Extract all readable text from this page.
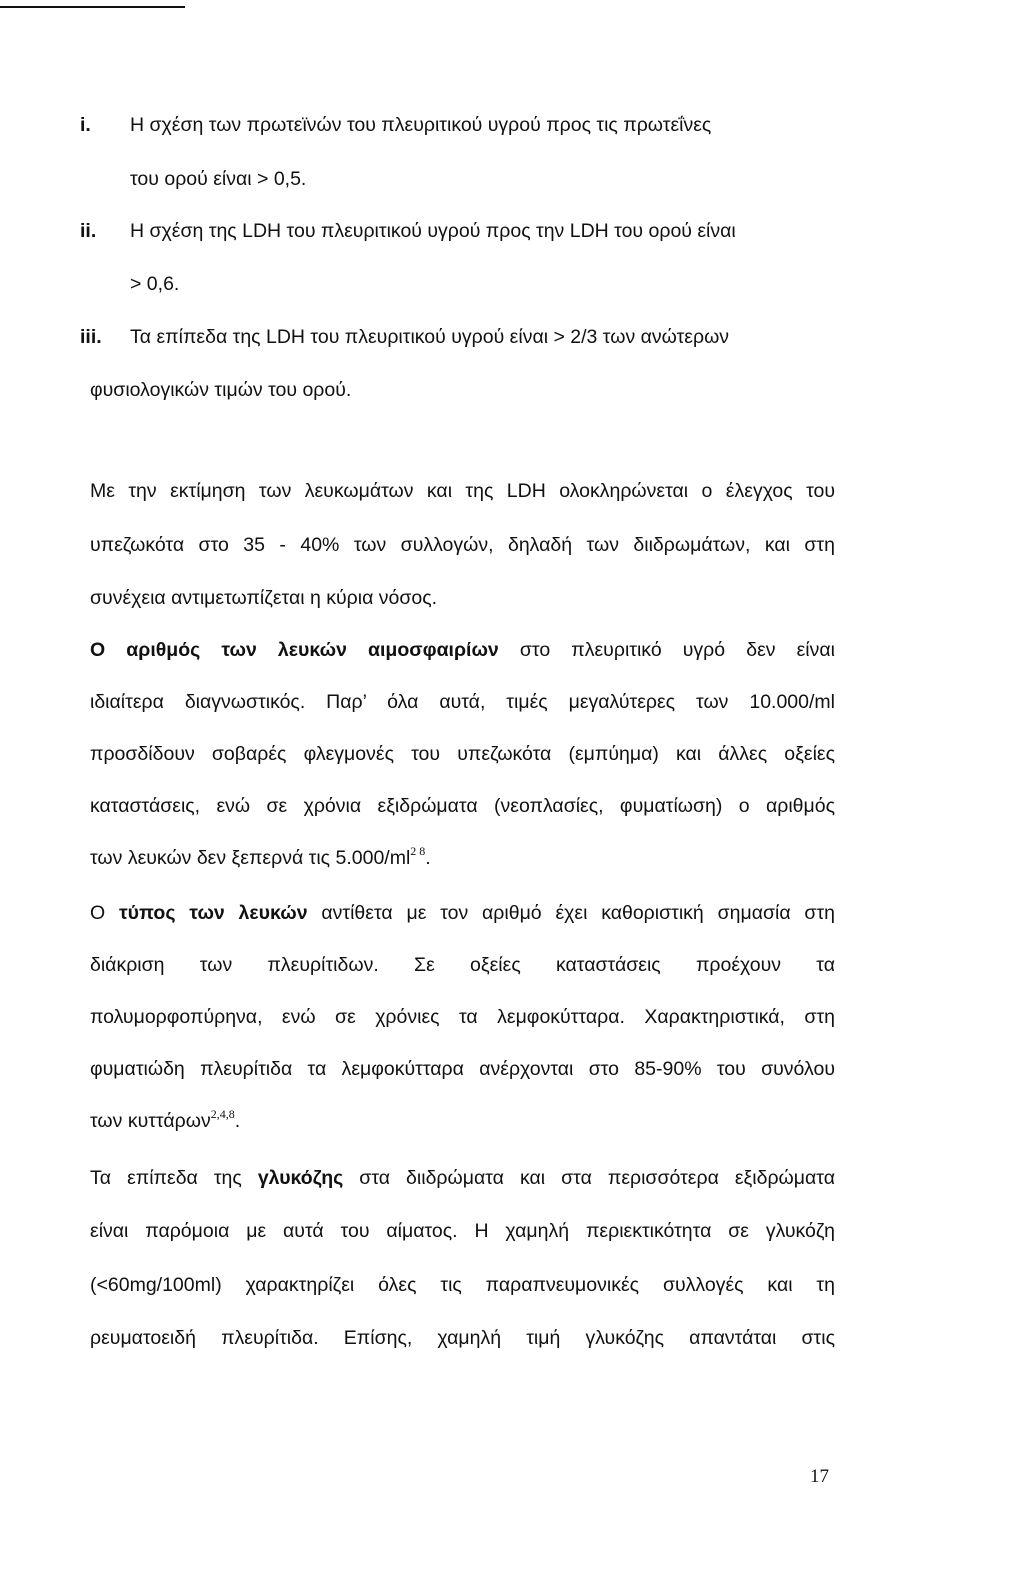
i. Η σχέση των πρωτεϊνών του πλευριτικού υγρού προς τις πρωτεΐνες
του ορού είναι > 0,5.
ii. Η σχέση της LDH του πλευριτικού υγρού προς την LDH του ορού είναι
> 0,6.
iii. Τα επίπεδα της LDH του πλευριτικού υγρού είναι > 2/3 των ανώτερων
φυσιολογικών τιμών του ορού.
Με την εκτίμηση των λευκωμάτων και της LDH ολοκληρώνεται ο έλεγχος του
υπεζωκότα στο 35 - 40% των συλλογών, δηλαδή των διιδρωμάτων, και στη
συνέχεια αντιμετωπίζεται η κύρια νόσος.
Ο αριθμός των λευκών αιμοσφαιρίων στο πλευριτικό υγρό δεν είναι
ιδιαίτερα διαγνωστικός. Παρ’ όλα αυτά, τιμές μεγαλύτερες των 10.000/ml
προσδίδουν σοβαρές φλεγμονές του υπεζωκότα (εμπύημα) και άλλες οξείες
καταστάσεις, ενώ σε χρόνια εξιδρώματα (νεοπλασίες, φυματίωση) ο αριθμός
των λευκών δεν ξεπερνά τις $5.000/ml^{2 8}$.
Ο τύπος των λευκών αντίθετα με τον αριθμό έχει καθοριστική σημασία στη
διάκριση των πλευρίτιδων. Σε οξείες καταστάσεις προέχουν τα
πολυμορφοπύρηνα, ενώ σε χρόνιες τα λεμφοκύτταρα. Χαρακτηριστικά, στη
φυματιώδη πλευρίτιδα τα λεμφοκύτταρα ανέρχονται στο 85-90% του συνόλου
των κυττάρων$^{2,4,8}$.
Τα επίπεδα της γλυκόζης στα διιδρώματα και στα περισσότερα εξιδρώματα
είναι παρόμοια με αυτά του αίματος. Η χαμηλή περιεκτικότητα σε γλυκόζη
(<60mg/100ml) χαρακτηρίζει όλες τις παραπνευμονικές συλλογές και τη
ρευματοειδή πλευρίτιδα. Επίσης, χαμηλή τιμή γλυκόζης απαντάται στις
17
